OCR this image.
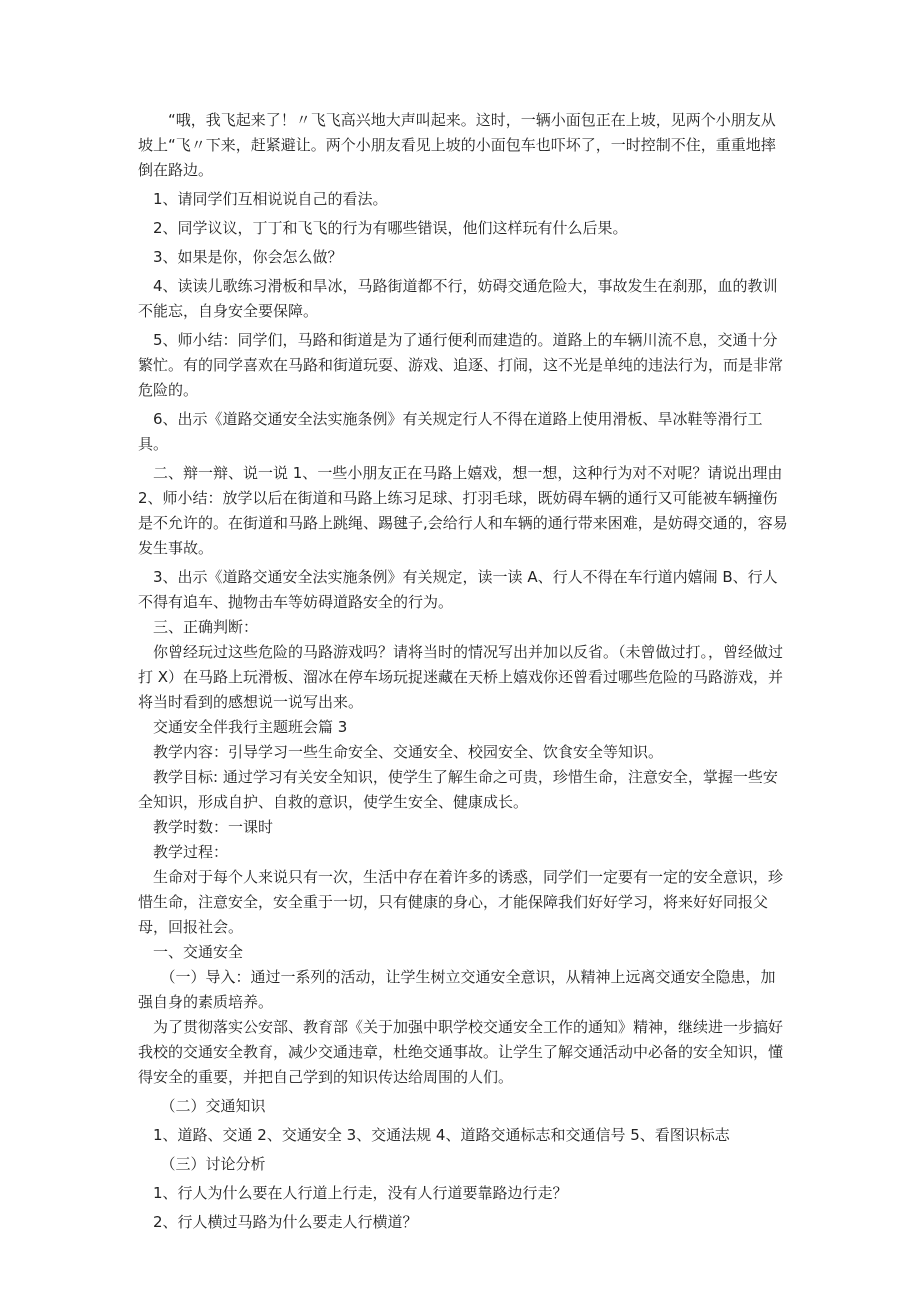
“哦，我飞起来了！〃飞飞高兴地大声叫起来。这时，一辆小面包正在上坡，见两个小朋友从坡上“飞〃下来，赶紧避让。两个小朋友看见上坡的小面包车也吓坏了，一时控制不住，重重地摔倒在路边。

1、请同学们互相说说自己的看法。

2、同学议议，丁丁和飞飞的行为有哪些错误，他们这样玩有什么后果。

3、如果是你，你会怎么做？

4、读读儿歌练习滑板和旱冰，马路街道都不行，妨碍交通危险大，事故发生在刹那，血的教训不能忘，自身安全要保障。

5、师小结：同学们，马路和街道是为了通行便利而建造的。道路上的车辆川流不息，交通十分繁忙。有的同学喜欢在马路和街道玩耍、游戏、追逐、打闹，这不光是单纯的违法行为，而是非常危险的。

6、出示《道路交通安全法实施条例》有关规定行人不得在道路上使用滑板、旱冰鞋等滑行工具。

二、辩一辩、说一说 1、一些小朋友正在马路上嬉戏，想一想，这种行为对不对呢？请说出理由 2、师小结：放学以后在街道和马路上练习足球、打羽毛球，既妨碍车辆的通行又可能被车辆撞伤是不允许的。在街道和马路上跳绳、踢毽子,会给行人和车辆的通行带来困难，是妨碍交通的，容易发生事故。

3、出示《道路交通安全法实施条例》有关规定，读一读 A、行人不得在车行道内嬉闹 B、行人不得有追车、抛物击车等妨碍道路安全的行为。

三、正确判断：

你曾经玩过这些危险的马路游戏吗？请将当时的情况写出并加以反省。（未曾做过打。，曾经做过打 X）在马路上玩滑板、溜冰在停车场玩捉迷藏在天桥上嬉戏你还曾看过哪些危险的马路游戏，并将当时看到的感想说一说写出来。

交通安全伴我行主题班会篇 3

教学内容：引导学习一些生命安全、交通安全、校园安全、饮食安全等知识。

教学目标: 通过学习有关安全知识，使学生了解生命之可贵，珍惜生命，注意安全，掌握一些安全知识，形成自护、自救的意识，使学生安全、健康成长。

教学时数：一课时

教学过程：

生命对于每个人来说只有一次，生活中存在着许多的诱惑，同学们一定要有一定的安全意识，珍惜生命，注意安全，安全重于一切，只有健康的身心，才能保障我们好好学习，将来好好同报父母，回报社会。

一、交通安全

（一）导入：通过一系列的活动，让学生树立交通安全意识，从精神上远离交通安全隐患，加强自身的素质培养。

为了贯彻落实公安部、教育部《关于加强中职学校交通安全工作的通知》精神，继续进一步搞好我校的交通安全教育，减少交通违章，杜绝交通事故。让学生了解交通活动中必备的安全知识，懂得安全的重要，并把自己学到的知识传达给周围的人们。

（二）交通知识

1、道路、交通 2、交通安全 3、交通法规 4、道路交通标志和交通信号 5、看图识标志

（三）讨论分析

1、行人为什么要在人行道上行走，没有人行道要靠路边行走？

2、行人横过马路为什么要走人行横道？
